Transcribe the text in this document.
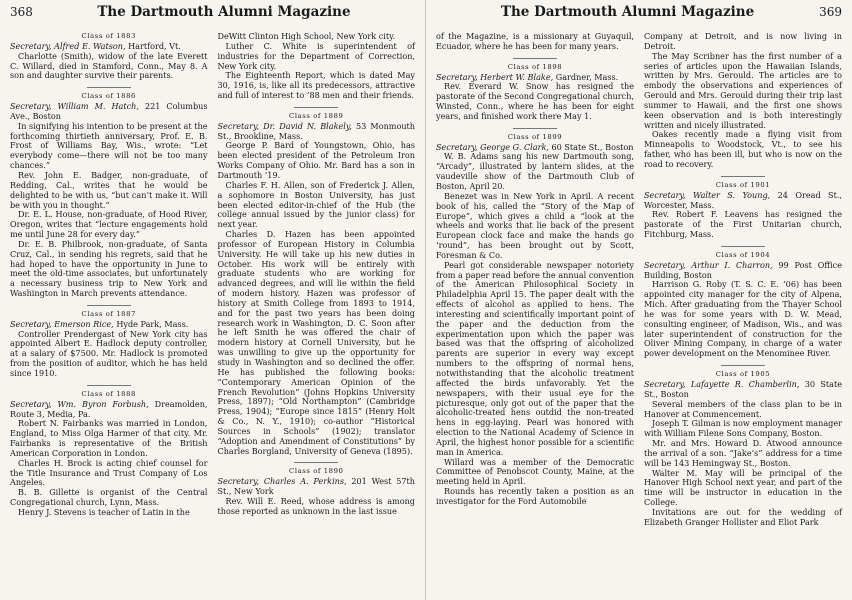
368	The Dartmouth Alumni Magazine
Class of 1883

Secretary, Alfred E. Watson, Hartford, Vt.

Charlotte (Smith), widow of the late Everett C. Willard, died in Stamford, Conn., May 8. A son and daughter survive their parents.

Class of 1886

Secretary, William M. Hatch, 221 Columbus Ave., Boston

In signifying his intention to be present at the forthcoming thirtieth anniversary, Prof. E. B. Frost of Williams Bay, Wis., wrote: “Let everybody come—there will not be too many chances.”

Rev. John E. Badger, non-graduate, of Redding, Cal., writes that he would be delighted to be with us, “but can’t make it. Will be with you in thought.”

Dr. E. L. House, non-graduate, of Hood River, Oregon, writes that “lecture engagements hold me until June 28 for every day.”

Dr. E. B. Philbrook, non-graduate, of Santa Cruz, Cal., in sending his regrets, said that he had hoped to have the opportunity in June to meet the old-time associates, but unfortunately a necessary business trip to New York and Washington in March prevents attendance.

Class of 1887

Secretary, Emerson Rice, Hyde Park, Mass.

Controller Prendergast of New York city has appointed Albert E. Hadlock deputy controller, at a salary of $7500. Mr. Hadlock is promoted from the position of auditor, which he has held since 1910.

Class of 1888

Secretary, Wm. Byron Forbush, Dreamolden, Route 3, Media, Pa.

Robert N. Fairbanks was married in London, England, to Miss Olga Harmer of that city. Mr. Fairbanks is representative of the British American Corporation in London.

Charles H. Brock is acting chief counsel for the Title Insurance and Trust Company of Los Angeles.

B. B. Gillette is organist of the Central Congregational church, Lynn, Mass.

Henry J. Stevens is teacher of Latin in the

DeWitt Clinton High School, New York city.

Luther C. White is superintendent of industries for the Department of Correction, New York city.

The Eighteenth Report, which is dated May 30, 1916, is, like all its predecessors, attractive and full of interest to ’88 men and their friends.

Class of 1889

Secretary, Dr. David N. Blakely, 53 Monmouth St., Brookline, Mass.

George P. Bard of Youngstown, Ohio, has been elected president of the Petroleum Iron Works Company of Ohio. Mr. Bard has a son in Dartmouth ’19.

Charles F. H. Allen, son of Frederick J. Allen, a sophomore in Boston University, has just been elected editor-in-chief of the Hub (the college annual issued by the junior class) for next year.

Charles D. Hazen has been appointed professor of European History in Columbia University. He will take up his new duties in October. His work will be entirely with graduate students who are working for advanced degrees, and will lie within the field of modern history. Hazen was professor of history at Smith College from 1893 to 1914, and for the past two years has been doing research work in Washington, D. C. Soon after he left Smith he was offered the chair of modern history at Cornell University, but he was unwilling to give up the opportunity for study in Washington and so declined the offer. He has published the following books: “Contemporary American Opinion of the French Revolution” (Johns Hopkins University Press, 1897); “Old Northampton” (Cambridge Press, 1904); “Europe since 1815” (Henry Holt & Co., N. Y., 1910); co-author “Historical Sources in Schools” (1902); translator “Adoption and Amendment of Constitutions” by Charles Borgland, University of Geneva (1895).

Class of 1890

Secretary, Charles A. Perkins, 201 West 57th St., New York

Rev. Will E. Reed, whose address is among those reported as unknown in the last issue

The Dartmouth Alumni Magazine	369

of the Magazine, is a missionary at Guyaquil, Ecuador, where he has been for many years.

Class of 1898

Secretary, Herbert W. Blake, Gardner, Mass.

Rev. Everard W. Snow has resigned the pastorate of the Second Congregational church, Winsted, Conn., where he has been for eight years, and finished work there May 1.

Class of 1899

Secretary, George G. Clark, 60 State St., Boston

W. B. Adams sang his new Dartmouth song, “Arcady”, illustrated by lantern slides, at the vaudeville show of the Dartmouth Club of Boston, April 20.

Benezet was in New York in April. A recent book of his, called the “Story of the Map of Europe”, which gives a child a “look at the wheels and works that lie back of the present European clock face and make the hands go ‘round”, has been brought out by Scott, Foresman & Co.

Pearl got considerable newspaper notoriety from a paper read before the annual convention of the American Philosophical Society in Philadelphia April 15. The paper dealt with the effects of alcohol as applied to hens. The interesting and scientifically important point of the paper and the deduction from the experimentation upon which the paper was based was that the offspring of alcoholized parents are superior in every way except numbers to the offspring of normal hens, notwithstanding that the alcoholic treatment affected the birds unfavorably. Yet the newspapers, with their usual eye for the picturesque, only got out of the paper that the alcoholic-treated hens outdid the non-treated hens in egg-laying. Pearl was honored with election to the National Academy of Science in April, the highest honor possible for a scientific man in America.

Willard was a member of the Democratic Committee of Penobscot County, Maine, at the meeting held in April.

Rounds has recently taken a position as an investigator for the Ford Automobile

Company at Detroit, and is now living in Detroit.

The May Scribner has the first number of a series of articles upon the Hawaiian Islands, written by Mrs. Gerould. The articles are to embody the observations and experiences of Gerould and Mrs. Gerould during their trip last summer to Hawaii, and the first one shows keen observation and is both interestingly written and nicely illustrated.

Oakes recently made a flying visit from Minneapolis to Woodstock, Vt., to see his father, who has been ill, but who is now on the road to recovery.

Class of 1901

Secretary, Walter S. Young, 24 Oread St., Worcester, Mass.

Rev. Robert F. Leavens has resigned the pastorate of the First Unitarian church, Fitchburg, Mass.

Class of 1904

Secretary, Arthur I. Charron, 99 Post Office Building, Boston

Harrison G. Roby (T. S. C. E. ’06) has been appointed city manager for the city of Alpena, Mich. After graduating from the Thayer School he was for some years with D. W. Mead, consulting engineer, of Madison, Wis., and was later superintendent of construction for the Oliver Mining Company, in charge of a water power development on the Menominee River.

Class of 1905

Secretary, Lafayette R. Chamberlin, 30 State St., Boston

Several members of the class plan to be in Hanover at Commencement.

Joseph T. Gilman is now employment manager with William Filene Sons Company, Boston.

Mr. and Mrs. Howard D. Atwood announce the arrival of a son. “Jake’s” address for a time will be 143 Hemingway St., Boston.

Walter M. May will be principal of the Hanover High School next year, and part of the time will be instructor in education in the College.

Invitations are out for the wedding of Elizabeth Granger Hollister and Eliot Park
